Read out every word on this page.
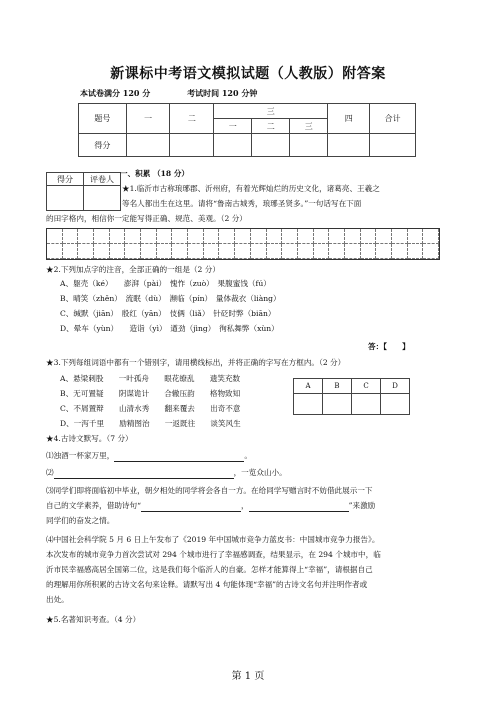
新课标中考语文模拟试题（人教版）附答案
本试卷满分 120 分	考试时间 120 分钟
题号	一	二	三			四	合计
			一	二	三		
得分							
得分	评卷人

一、积累 （18 分）
★1.临沂市古称琅琊郡、沂州府，有着光辉灿烂的历史文化，诸葛亮、王羲之
等名人都出生在这里。请将“鲁南古城秀，琅琊圣贤多。”一句话写在下面
的田字格内，相信你一定能写得正确、规范、美观。（2 分）
★2.下列加点字的注音，全部正确的一组是（2 分）
A、躯壳（ké）　　澎湃（pài）　愧怍（zuò）　果腹蜜饯（fú）
B、晴笑（zhěn）　流眠（dù）　濒临（pín）　量体裁衣（liàng）
C、缄默（jiān）　殷红（yān）　伎俩（liǎ）　针砭时弊（biān）
D、晕车（yùn）　　造诣（yì）　遒劲（jìng）　徇私舞弊（xùn）
答：【　　】
★3.下列每组词语中都有一个错别字，请用横线标出，并将正确的字写在方框内。（2 分）
A、悬梁刺股　　一叶孤舟　　眼花缭乱　　遗笑充数
B、无可置疑　　阴谋诡计　　合辙压韵　　格物致知
C、不屑置辩　　山清水秀　　翻来覆去　　出奇不意
D、一泻千里　　励精图治　　一返既往　　谈笑风生
A	B	C	D

★4.古诗文默写。（7 分）
⑴浊酒一杯家万里，	。
⑵	，一览众山小。
⑶同学们即将面临初中毕业，朝夕相处的同学将会各自一方。在给同学写赠言时不妨借此展示一下
自己的文学素养，借助诗句“	，	”来激励
同学们的奋发之情。
⑷中国社会科学院 5 月 6 日上午发布了《2019 年中国城市竞争力蓝皮书：中国城市竞争力报告》。
本次发布的城市竞争力首次尝试对 294 个城市进行了幸福感调查，结果显示，在 294 个城市中，临
沂市民幸福感高居全国第二位，这是我们每个临沂人的自豪。怎样才能算得上“幸福”，请根据自己
的理解用你所积累的古诗文名句来诠释。请默写出 4 句能体现“幸福”的古诗文名句并注明作者或
出处。
★5.名著知识考查。（4 分）
第 1 页
